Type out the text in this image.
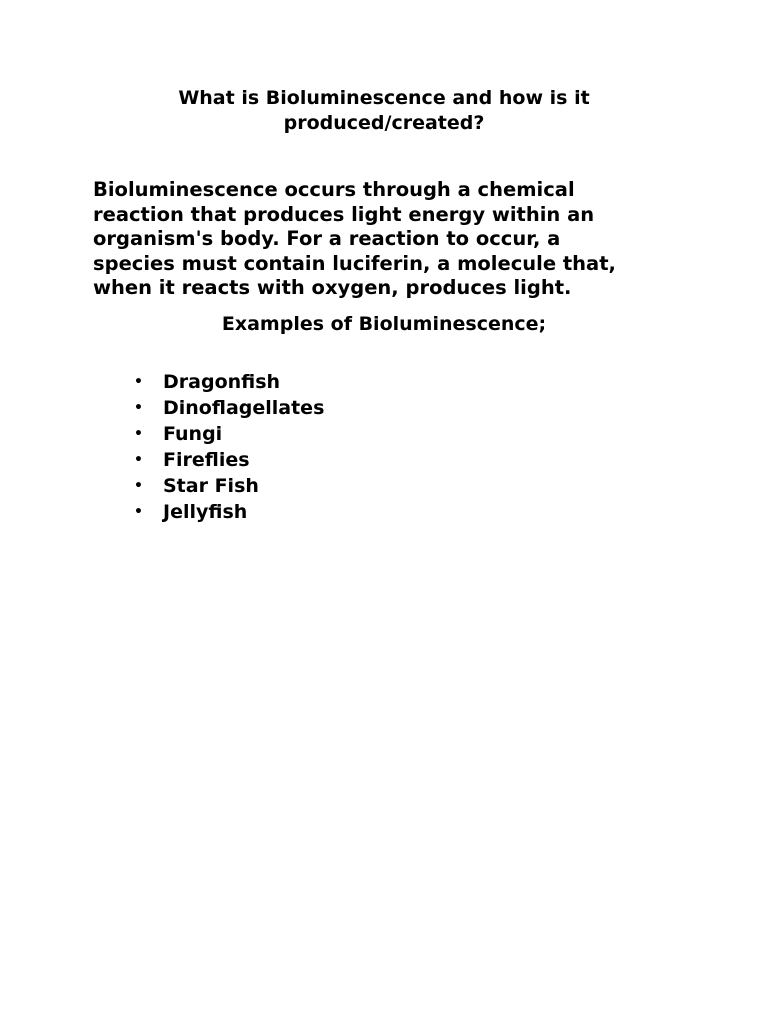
What is Bioluminescence and how is it
produced/created?

Bioluminescence occurs through a chemical
reaction that produces light energy within an
organism's body. For a reaction to occur, a
species must contain luciferin, a molecule that,
when it reacts with oxygen, produces light.

Examples of Bioluminescence;
•	Dragonfish
•	Dinoflagellates
•	Fungi
•	Fireflies
•	Star Fish
•	Jellyfish
